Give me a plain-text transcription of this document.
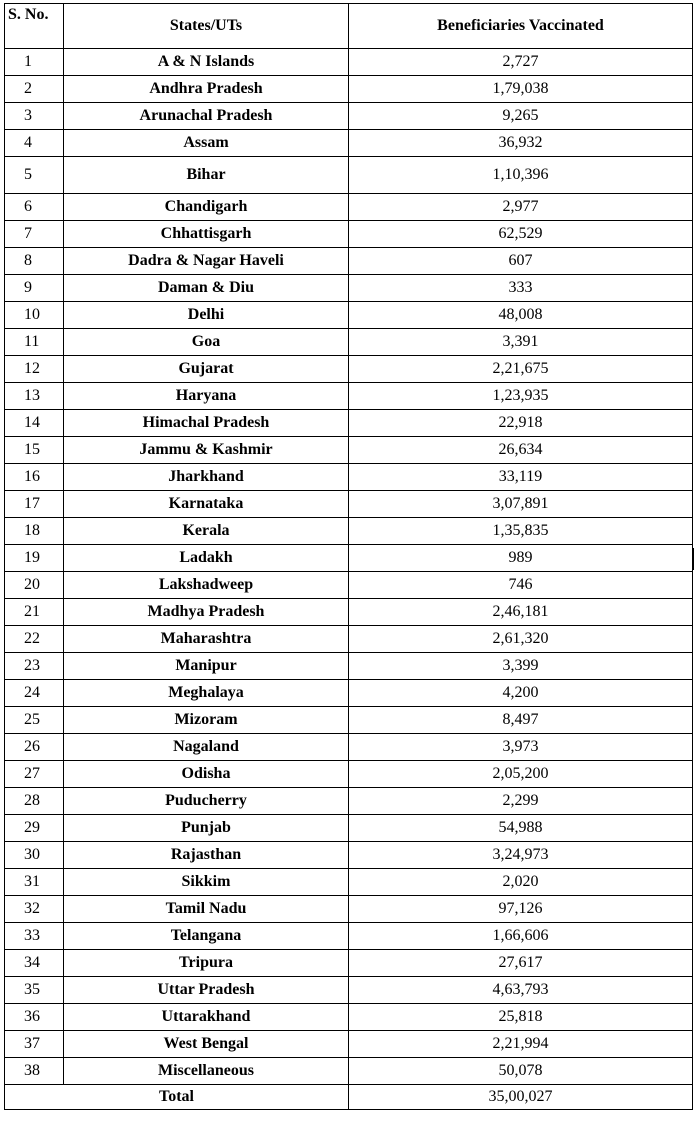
S. No.	States/UTs	Beneficiaries Vaccinated
1	A & N Islands	2,727
2	Andhra Pradesh	1,79,038
3	Arunachal Pradesh	9,265
4	Assam	36,932
5	Bihar	1,10,396
6	Chandigarh	2,977
7	Chhattisgarh	62,529
8	Dadra & Nagar Haveli	607
9	Daman & Diu	333
10	Delhi	48,008
11	Goa	3,391
12	Gujarat	2,21,675
13	Haryana	1,23,935
14	Himachal Pradesh	22,918
15	Jammu & Kashmir	26,634
16	Jharkhand	33,119
17	Karnataka	3,07,891
18	Kerala	1,35,835
19	Ladakh	989
20	Lakshadweep	746
21	Madhya Pradesh	2,46,181
22	Maharashtra	2,61,320
23	Manipur	3,399
24	Meghalaya	4,200
25	Mizoram	8,497
26	Nagaland	3,973
27	Odisha	2,05,200
28	Puducherry	2,299
29	Punjab	54,988
30	Rajasthan	3,24,973
31	Sikkim	2,020
32	Tamil Nadu	97,126
33	Telangana	1,66,606
34	Tripura	27,617
35	Uttar Pradesh	4,63,793
36	Uttarakhand	25,818
37	West Bengal	2,21,994
38	Miscellaneous	50,078
Total		35,00,027
